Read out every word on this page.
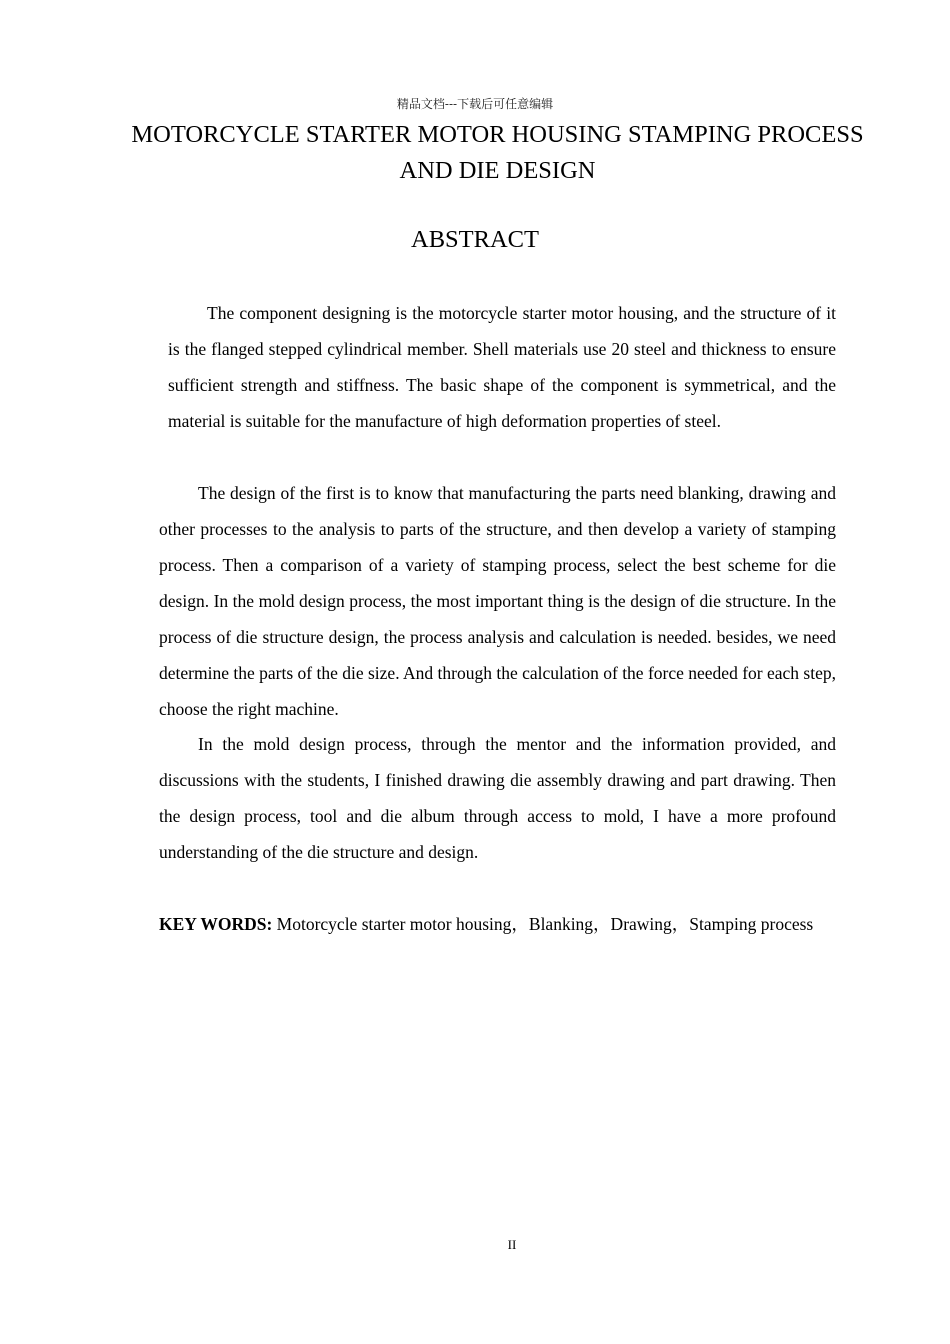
精品文档---下载后可任意编辑
MOTORCYCLE STARTER MOTOR HOUSING STAMPING PROCESS AND DIE DESIGN
ABSTRACT

The component designing is the motorcycle starter motor housing, and the structure of it is the flanged stepped cylindrical member. Shell materials use 20 steel and thickness to ensure sufficient strength and stiffness. The basic shape of the component is symmetrical, and the material is suitable for the manufacture of high deformation properties of steel.

The design of the first is to know that manufacturing the parts need blanking, drawing and other processes to the analysis to parts of the structure, and then develop a variety of stamping process. Then a comparison of a variety of stamping process, select the best scheme for die design. In the mold design process, the most important thing is the design of die structure. In the process of die structure design, the process analysis and calculation is needed. besides, we need determine the parts of the die size. And through the calculation of the force needed for each step, choose the right machine.

In the mold design process, through the mentor and the information provided, and discussions with the students, I finished drawing die assembly drawing and part drawing. Then the design process, tool and die album through access to mold, I have a more profound understanding of the die structure and design.

KEY WORDS: Motorcycle starter motor housing，Blanking，Drawing，Stamping process

II
